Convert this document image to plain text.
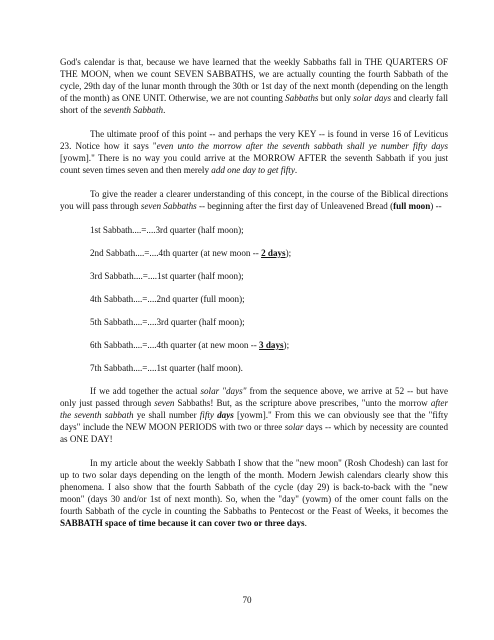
God's calendar is that, because we have learned that the weekly Sabbaths fall in THE QUARTERS OF THE MOON, when we count SEVEN SABBATHS, we are actually counting the fourth Sabbath of the cycle, 29th day of the lunar month through the 30th or 1st day of the next month (depending on the length of the month) as ONE UNIT. Otherwise, we are not counting Sabbaths but only solar days and clearly fall short of the seventh Sabbath.

The ultimate proof of this point -- and perhaps the very KEY -- is found in verse 16 of Leviticus 23. Notice how it says "even unto the morrow after the seventh sabbath shall ye number fifty days [yowm]." There is no way you could arrive at the MORROW AFTER the seventh Sabbath if you just count seven times seven and then merely add one day to get fifty.

To give the reader a clearer understanding of this concept, in the course of the Biblical directions you will pass through seven Sabbaths -- beginning after the first day of Unleavened Bread (full moon) --

1st Sabbath....=....3rd quarter (half moon);
2nd Sabbath....=....4th quarter (at new moon -- 2 days);
3rd Sabbath....=....1st quarter (half moon);
4th Sabbath....=....2nd quarter (full moon);
5th Sabbath....=....3rd quarter (half moon);
6th Sabbath....=....4th quarter (at new moon -- 3 days);
7th Sabbath....=....1st quarter (half moon).

If we add together the actual solar "days" from the sequence above, we arrive at 52 -- but have only just passed through seven Sabbaths! But, as the scripture above prescribes, "unto the morrow after the seventh sabbath ye shall number fifty days [yowm]." From this we can obviously see that the "fifty days" include the NEW MOON PERIODS with two or three solar days -- which by necessity are counted as ONE DAY!

In my article about the weekly Sabbath I show that the "new moon" (Rosh Chodesh) can last for up to two solar days depending on the length of the month. Modern Jewish calendars clearly show this phenomena. I also show that the fourth Sabbath of the cycle (day 29) is back-to-back with the "new moon" (days 30 and/or 1st of next month). So, when the "day" (yowm) of the omer count falls on the fourth Sabbath of the cycle in counting the Sabbaths to Pentecost or the Feast of Weeks, it becomes the SABBATH space of time because it can cover two or three days.

70
